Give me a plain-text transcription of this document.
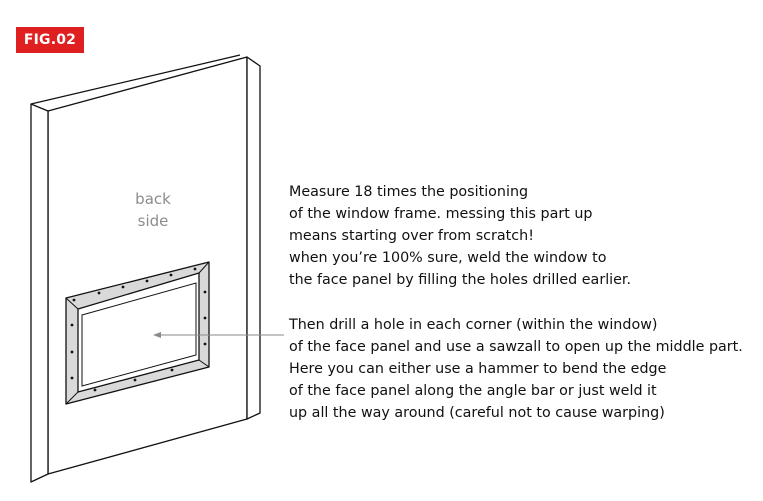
FIG.02
back
side
Measure 18 times the positioning
of the window frame. messing this part up
means starting over from scratch!
when you’re 100% sure, weld the window to
the face panel by filling the holes drilled earlier.
Then drill a hole in each corner (within the window)
of the face panel and use a sawzall to open up the middle part.
Here you can either use a hammer to bend the edge
of the face panel along the angle bar or just weld it
up all the way around (careful not to cause warping)
